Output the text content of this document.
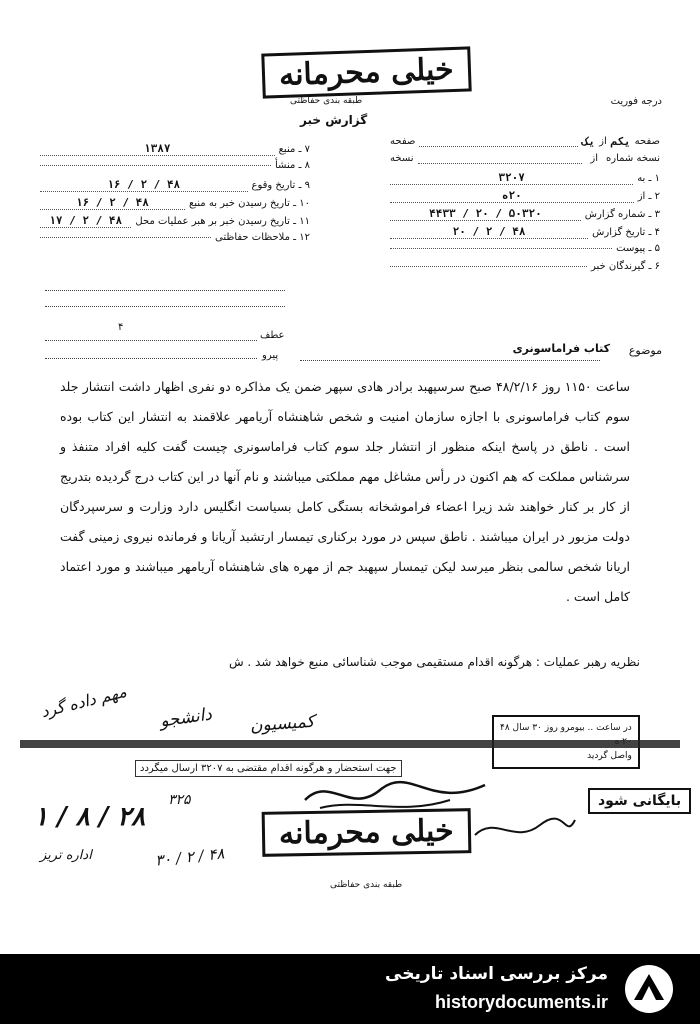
خیلی محرمانه
طبقه بندی حفاظتی	درجه فوریت
گزارش خبر
صفحه
یکم
از
یک
صفحه
نسخه شماره
از
نسخه
۱ ـ به
۳۲۰۷
۲ ـ از
۲۰ه
۳ ـ شماره گزارش
۵۰۳۲۰ / ۲۰ / ۴۴۳۳
۴ ـ تاریخ گزارش
۴۸ / ۲ / ۲۰
۵ ـ پیوست
۶ ـ گیرندگان خبر
۷ ـ منبع
۱۳۸۷
۸ ـ منشأ
۹ ـ تاریخ وقوع
۴۸ / ۲ / ۱۶
۱۰ ـ تاریخ رسیدن خبر به منبع
۴۸ / ۲ / ۱۶
۱۱ ـ تاریخ رسیدن خبر بر هبر عملیات محل
۴۸ / ۲ / ۱۷
۱۲ ـ ملاحظات حفاظتی
۴
عطف
پیرو	موضوع
کتاب فراماسونری
ساعت ۱۱۵۰ روز ۴۸/۲/۱۶ صبح سرسپهبد برادر هادی سپهر ضمن یک مذاکره دو نفری اظهار داشت انتشار جلد سوم کتاب فراماسونری با اجازه سازمان امنیت و شخص شاهنشاه آریامهر علاقمند به انتشار این کتاب بوده است . ناطق در پاسخ اینکه منظور از انتشار جلد سوم کتاب فراماسونری چیست گفت کلیه افراد متنفذ و سرشناس مملکت که هم اکنون در رأس مشاغل مهم مملکتی میباشند و نام آنها در این کتاب درج گردیده بتدریج از کار بر کنار خواهند شد زیرا اعضاء فراموشخانه بستگی کامل بسیاست انگلیس دارد وزارت و سرسپردگان دولت مزبور در ایران میباشند . ناطق سپس در مورد برکناری تیمسار ارتشبد آریانا و فرمانده نیروی زمینی گفت اریانا شخص سالمی بنظر میرسد لیکن تیمسار سپهبد جم از مهره های شاهنشاه آریامهر میباشند و مورد اعتماد کامل است .
نظریه رهبر عملیات : هرگونه اقدام مستقیمی موجب شناسائی منبع خواهد شد . ش
مهم داده گرد دانشجو کمیسیون
۲۸ / ۸ / ۱
اداره تریز	۴۸ / ۲ / ۳۰
۳۲۵
جهت استحضار و هرگونه اقدام مقتضی به ۳۲۰۷ ارسال میگردد
در ساعت .. بیومرو روز ۳۰ سال ۴۸
واصل گردید
بایگانی شود
خیلی محرمانه
طبقه بندی حفاظتی
مرکز بررسی اسناد تاریخی
historydocuments.ir
